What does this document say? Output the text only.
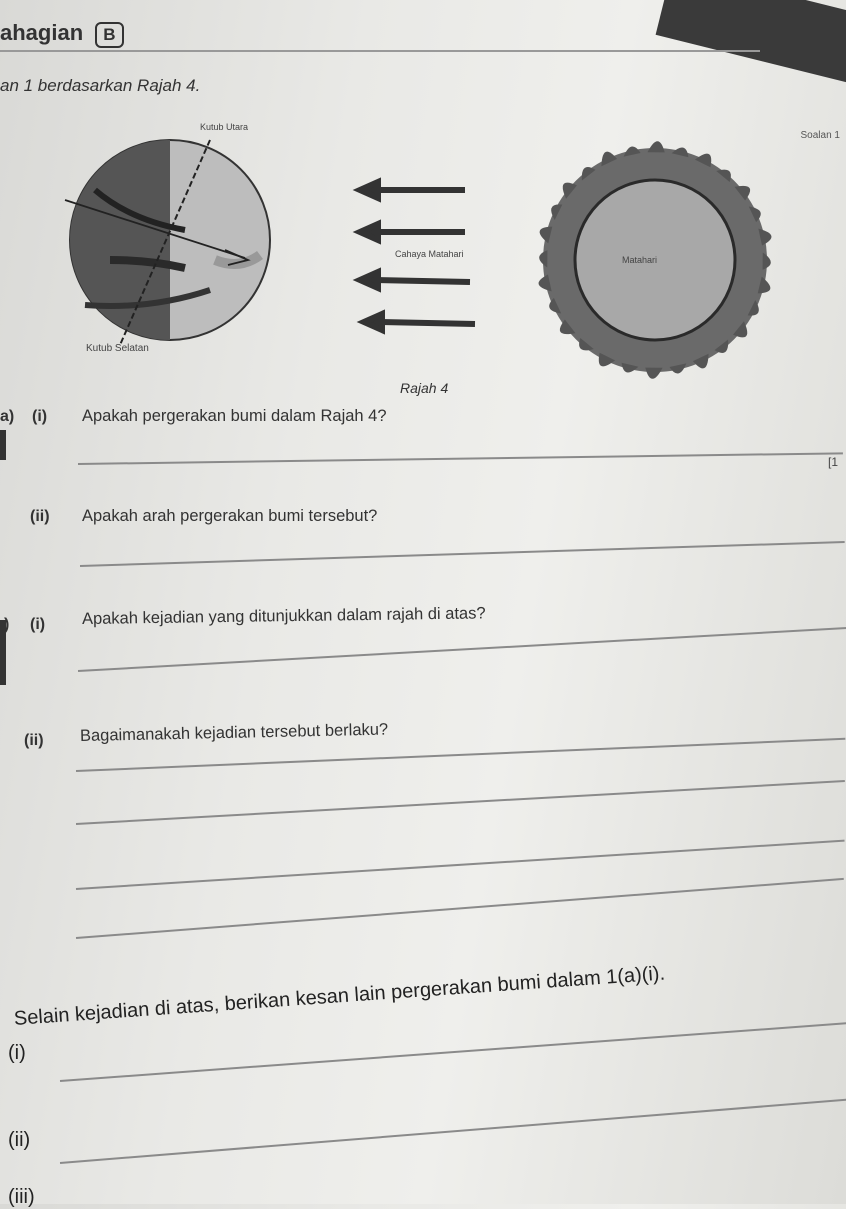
ahagian B
an 1 berdasarkan Rajah 4.
Soalan 1
Kutub Utara
Kutub Selatan
Cahaya Matahari
Matahari
Rajah 4
a) (i) Apakah pergerakan bumi dalam Rajah 4?
[1
(ii) Apakah arah pergerakan bumi tersebut?
) (i) Apakah kejadian yang ditunjukkan dalam rajah di atas?
(ii) Bagaimanakah kejadian tersebut berlaku?
Selain kejadian di atas, berikan kesan lain pergerakan bumi dalam 1(a)(i).
(i)
(ii)
(iii)
